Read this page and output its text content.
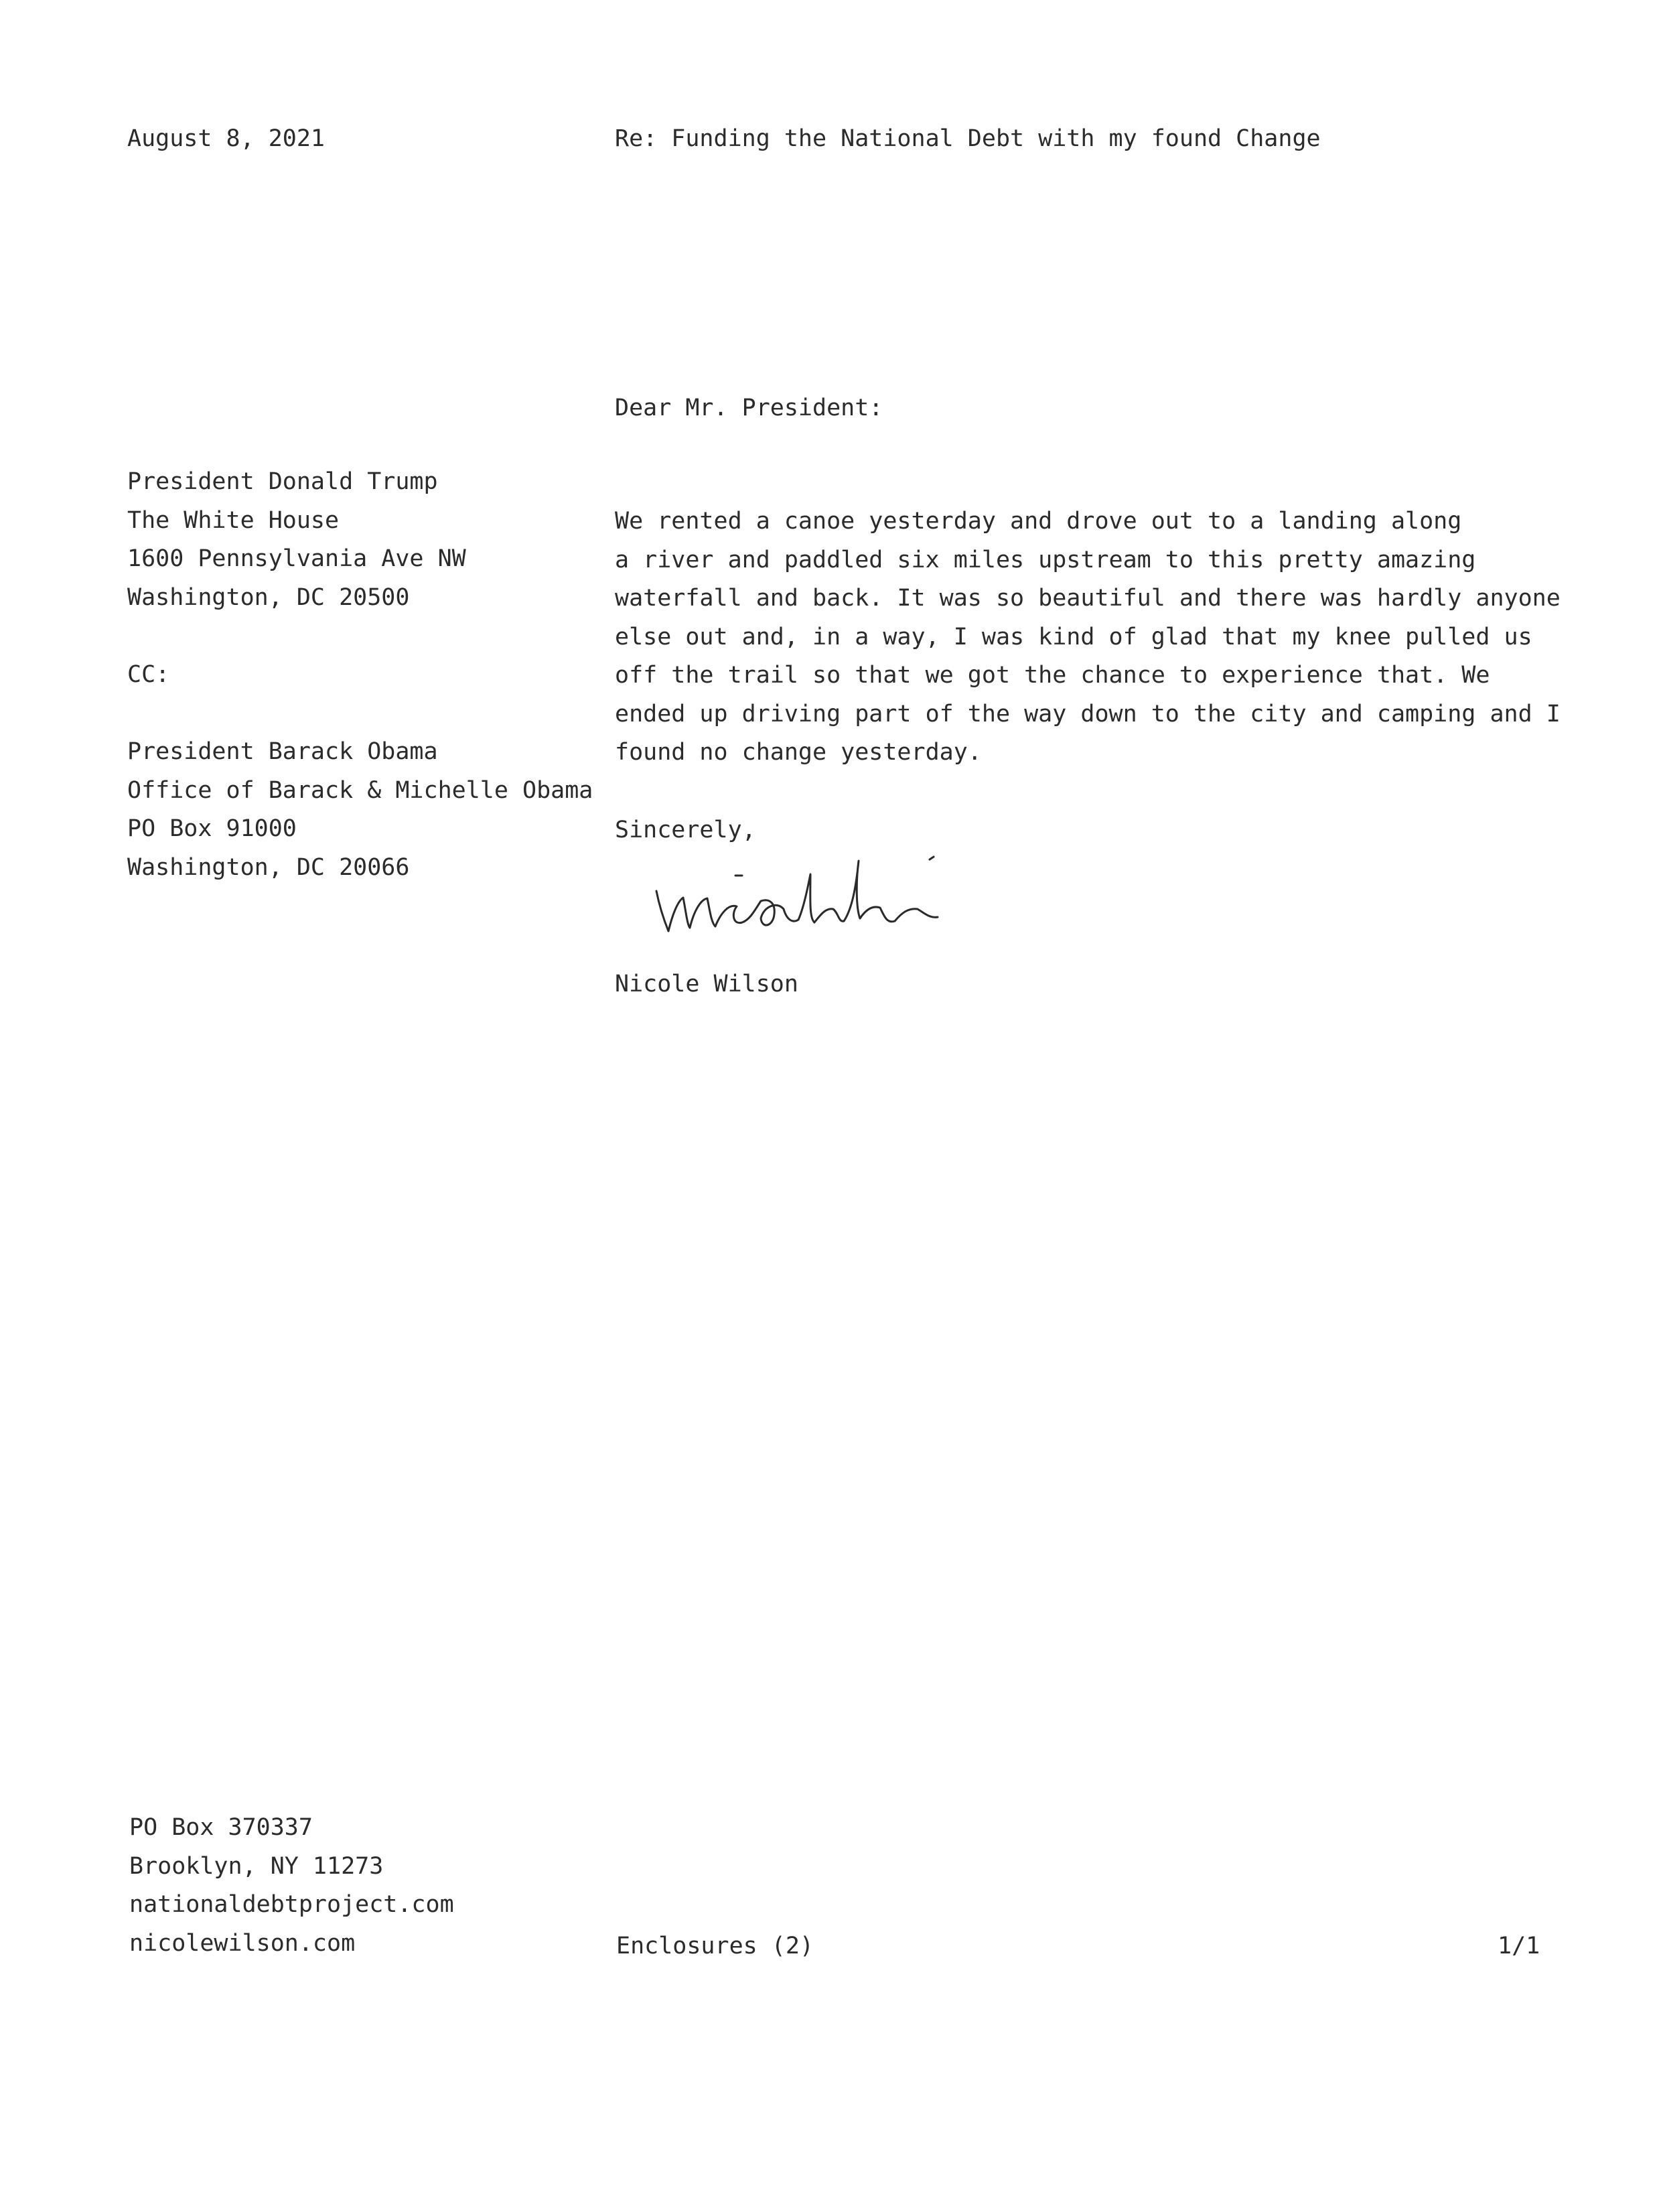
August 8, 2021	Re: Funding the National Debt with my found Change
Dear Mr. President:
President Donald Trump
The White House
1600 Pennsylvania Ave NW
Washington, DC 20500
CC:
President Barack Obama
Office of Barack & Michelle Obama
PO Box 91000
Washington, DC 20066
We rented a canoe yesterday and drove out to a landing along
a river and paddled six miles upstream to this pretty amazing
waterfall and back. It was so beautiful and there was hardly anyone
else out and, in a way, I was kind of glad that my knee pulled us
off the trail so that we got the chance to experience that. We
ended up driving part of the way down to the city and camping and I
found no change yesterday.
Sincerely,
Nicole Wilson
PO Box 370337
Brooklyn, NY 11273
nationaldebtproject.com
nicolewilson.com	Enclosures (2)	1/1
